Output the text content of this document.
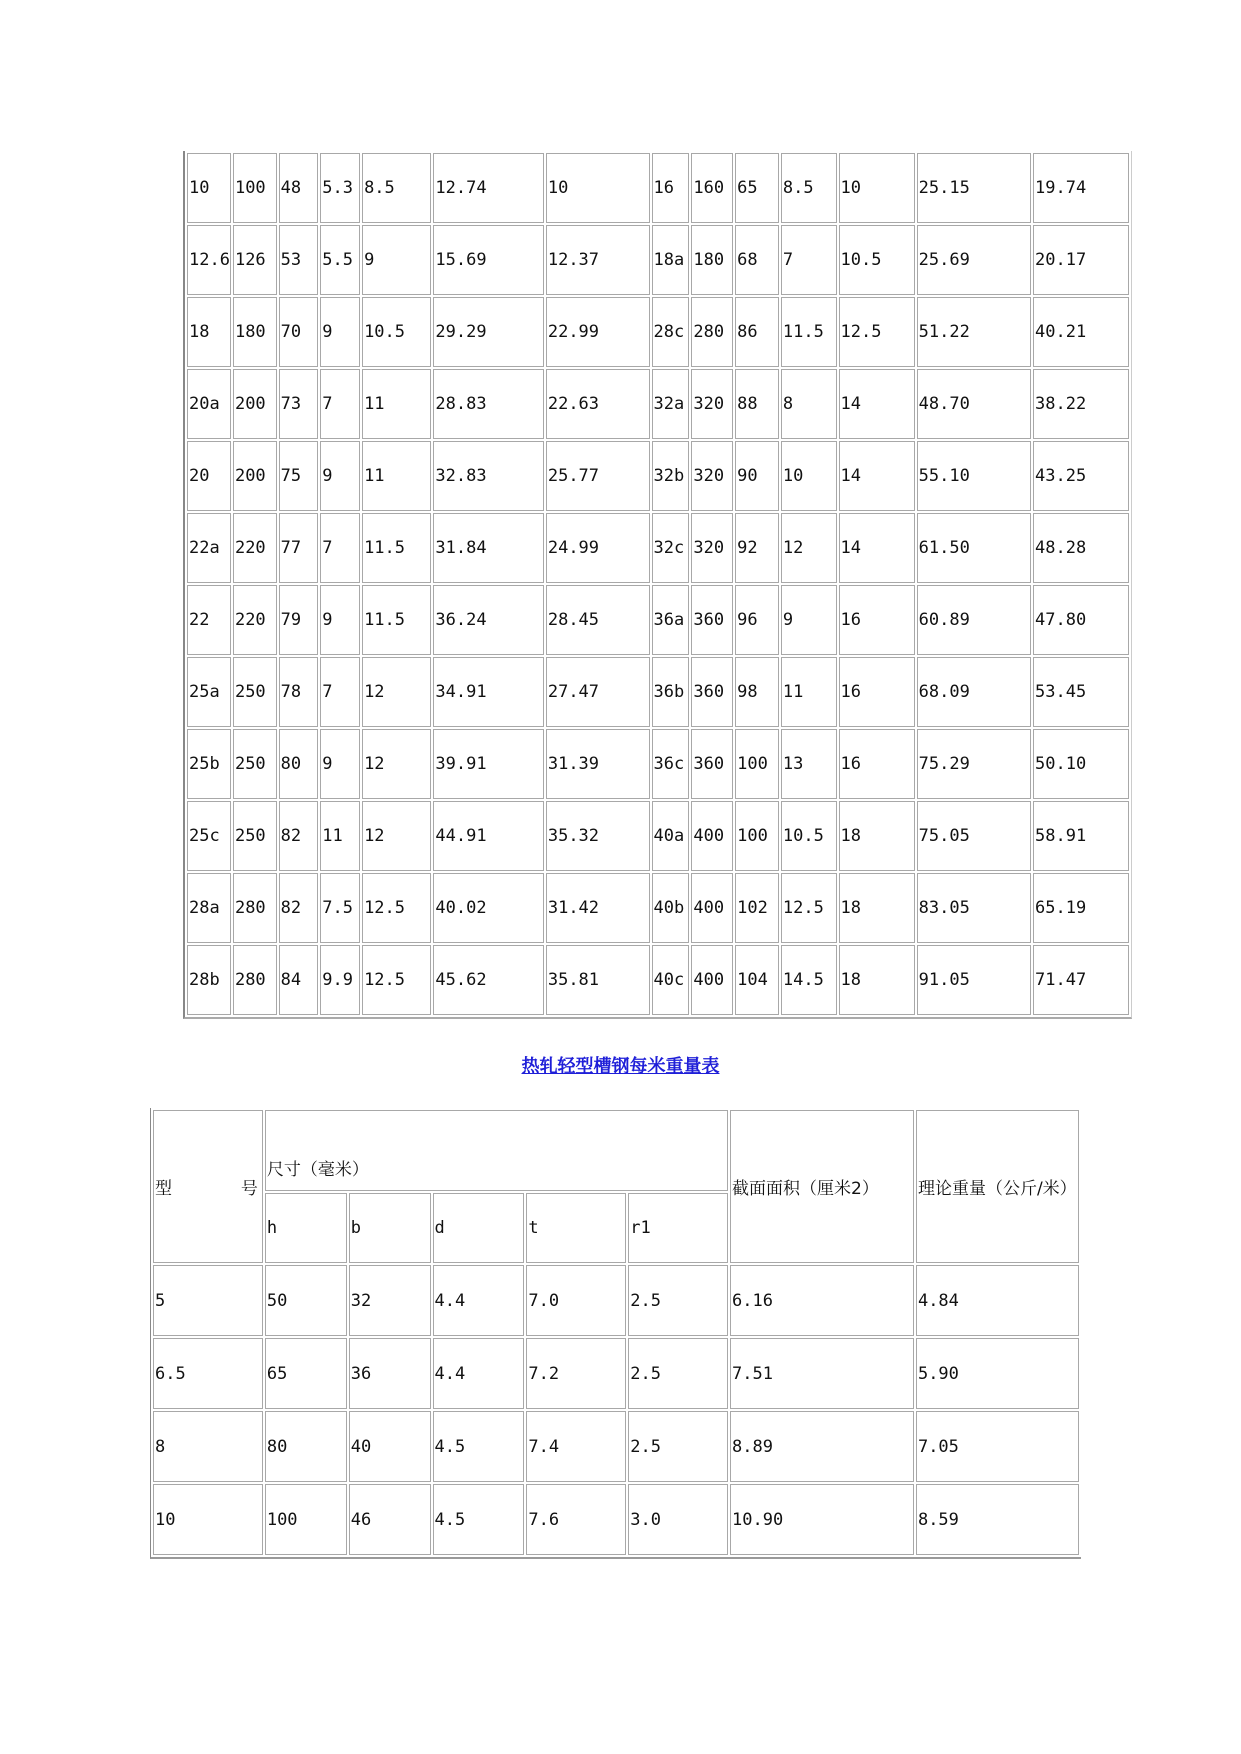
10	100	48	5.3	8.5	12.74	10	16	160	65	8.5	10	25.15	19.74
12.6	126	53	5.5	9	15.69	12.37	18a	180	68	7	10.5	25.69	20.17
18	180	70	9	10.5	29.29	22.99	28c	280	86	11.5	12.5	51.22	40.21
20a	200	73	7	11	28.83	22.63	32a	320	88	8	14	48.70	38.22
20	200	75	9	11	32.83	25.77	32b	320	90	10	14	55.10	43.25
22a	220	77	7	11.5	31.84	24.99	32c	320	92	12	14	61.50	48.28
22	220	79	9	11.5	36.24	28.45	36a	360	96	9	16	60.89	47.80
25a	250	78	7	12	34.91	27.47	36b	360	98	11	16	68.09	53.45
25b	250	80	9	12	39.91	31.39	36c	360	100	13	16	75.29	50.10
25c	250	82	11	12	44.91	35.32	40a	400	100	10.5	18	75.05	58.91
28a	280	82	7.5	12.5	40.02	31.42	40b	400	102	12.5	18	83.05	65.19
28b	280	84	9.9	12.5	45.62	35.81	40c	400	104	14.5	18	91.05	71.47
热轧轻型槽钢每米重量表
型 号	尺寸（毫米）					截面面积（厘米2）	理论重量（公斤/米）
	h	b	d	t	r1		
5	50	32	4.4	7.0	2.5	6.16	4.84
6.5	65	36	4.4	7.2	2.5	7.51	5.90
8	80	40	4.5	7.4	2.5	8.89	7.05
10	100	46	4.5	7.6	3.0	10.90	8.59
